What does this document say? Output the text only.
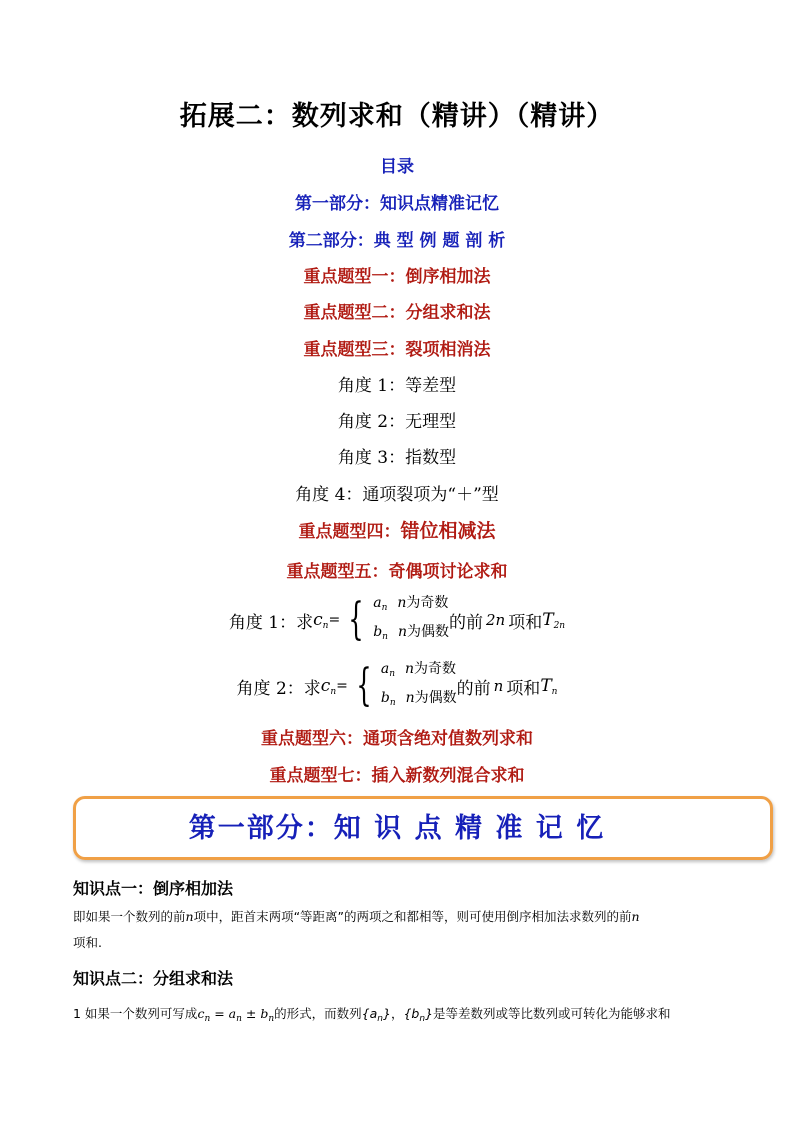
拓展二：数列求和（精讲）（精讲）
目录
第一部分：知识点精准记忆
第二部分：典 型 例 题 剖 析
重点题型一：倒序相加法
重点题型二：分组求和法
重点题型三：裂项相消法
角度 1：等差型
角度 2：无理型
角度 3：指数型
角度 4：通项裂项为“＋”型
重点题型四：错位相减法
重点题型五：奇偶项讨论求和
角度 1：求 $c_n$ = { $a_n$ n为奇数
$b_n$ n为偶数 的前 2n 项和 $T_{2n}$
角度 2：求 $c_n$ = { $a_n$ n为奇数
$b_n$ n为偶数 的前 n 项和 $T_n$
重点题型六：通项含绝对值数列求和
重点题型七：插入新数列混合求和
第一部分：知 识 点 精 准 记 忆
知识点一：倒序相加法
即如果一个数列的前n项中，距首末两项“等距离”的两项之和都相等，则可使用倒序相加法求数列的前n
项和.
知识点二：分组求和法
1 如果一个数列可写成$c_n = a_n \pm b_n$的形式，而数列$\{a_n\}$，$\{b_n\}$是等差数列或等比数列或可转化为能够求和
